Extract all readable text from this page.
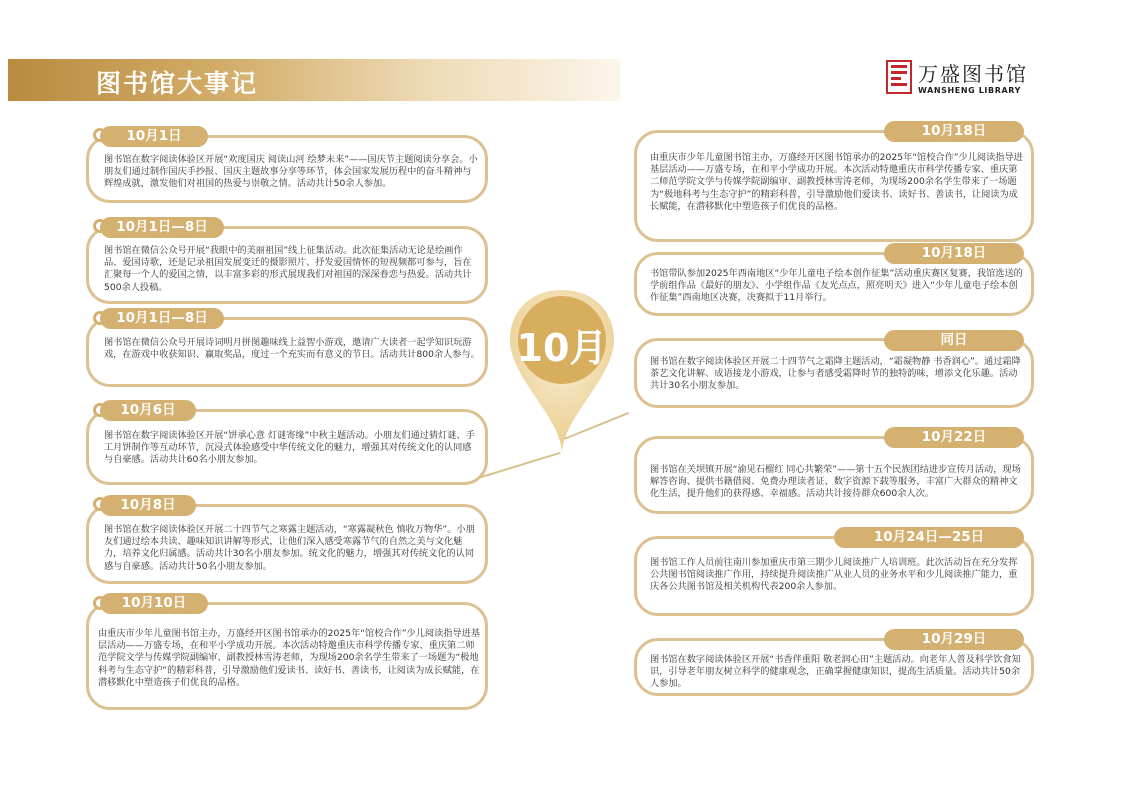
图书馆大事记	万盛图书馆
WANSHENG LIBRARY
10月
10月1日
图书馆在数字阅读体验区开展“欢度国庆 阅读山河 绘梦未来”——国庆节主题阅读分享会。小朋友们通过制作国庆手抄报、国庆主题故事分享等环节，体会国家发展历程中的奋斗精神与辉煌成就，激发他们对祖国的热爱与崇敬之情。活动共计50余人参加。
10月1日—8日
图书馆在微信公众号开展“我眼中的美丽祖国”线上征集活动。此次征集活动无论是绘画作品、爱国诗歌，还是记录祖国发展变迁的摄影照片、抒发爱国情怀的短视频都可参与，旨在汇聚每一个人的爱国之情，以丰富多彩的形式展现我们对祖国的深深眷恋与热爱。活动共计500余人投稿。
10月1日—8日
图书馆在微信公众号开展诗词明月拼图趣味线上益智小游戏，邀请广大读者一起学知识玩游戏，在游戏中收获知识、赢取奖品，度过一个充实而有意义的节日。活动共计800余人参与。
10月6日
图书馆在数字阅读体验区开展“饼承心意 灯谜寄缘”中秋主题活动。小朋友们通过猜灯谜、手工月饼制作等互动环节，沉浸式体验感受中华传统文化的魅力，增强其对传统文化的认同感与自豪感。活动共计60名小朋友参加。
10月8日
图书馆在数字阅读体验区开展二十四节气之寒露主题活动，“寒露凝秋色 慎收万物华”。小朋友们通过绘本共读、趣味知识讲解等形式，让他们深入感受寒露节气的自然之美与文化魅力，培养文化归属感。活动共计30名小朋友参加。统文化的魅力，增强其对传统文化的认同感与自豪感。活动共计50名小朋友参加。
10月10日
由重庆市少年儿童图书馆主办，万盛经开区图书馆承办的2025年“馆校合作”少儿阅读指导进基层活动——万盛专场，在和平小学成功开展。本次活动特邀重庆市科学传播专家、重庆第二师范学院文学与传媒学院副编审、副教授林雪涛老师，为现场200余名学生带来了一场题为“极地科考与生态守护”的精彩科普，引导激励他们爱读书、读好书、善读书，让阅读为成长赋能，在潜移默化中塑造孩子们优良的品格。
10月18日
由重庆市少年儿童图书馆主办，万盛经开区图书馆承办的2025年“馆校合作”少儿阅读指导进基层活动——万盛专场，在和平小学成功开展。本次活动特邀重庆市科学传播专家、重庆第二师范学院文学与传媒学院副编审、副教授林雪涛老师，为现场200余名学生带来了一场题为“极地科考与生态守护”的精彩科普，引导激励他们爱读书、读好书、善读书，让阅读为成长赋能，在潜移默化中塑造孩子们优良的品格。
10月18日
书馆带队参加2025年西南地区“少年儿童电子绘本创作征集”活动重庆赛区复赛，我馆选送的学前组作品《最好的朋友》、小学组作品《友光点点，照亮明天》进入“少年儿童电子绘本创作征集”西南地区决赛，决赛拟于11月举行。
同日
图书馆在数字阅读体验区开展二十四节气之霜降主题活动，“霜凝物静 书香润心”。通过霜降茶艺文化讲解、成语接龙小游戏，让参与者感受霜降时节的独特韵味，增添文化乐趣。活动共计30名小朋友参加。
10月22日
图书馆在关坝镇开展“渝见石榴红 同心共繁荣”——第十五个民族团结进步宣传月活动，现场解答咨询、提供书籍借阅、免费办理读者证、数字资源下载等服务，丰富广大群众的精神文化生活，提升他们的获得感、幸福感。活动共计接待群众600余人次。
10月24日—25日
图书馆工作人员前往南川参加重庆市第三期少儿阅读推广人培训班。此次活动旨在充分发挥公共图书馆阅读推广作用，持续提升阅读推广从业人员的业务水平和少儿阅读推广能力，重庆各公共图书馆及相关机构代表200余人参加。
10月29日
图书馆在数字阅读体验区开展“书香伴重阳 敬老润心田”主题活动。向老年人普及科学饮食知识，引导老年朋友树立科学的健康观念，正确掌握健康知识，提高生活质量。活动共计50余人参加。
